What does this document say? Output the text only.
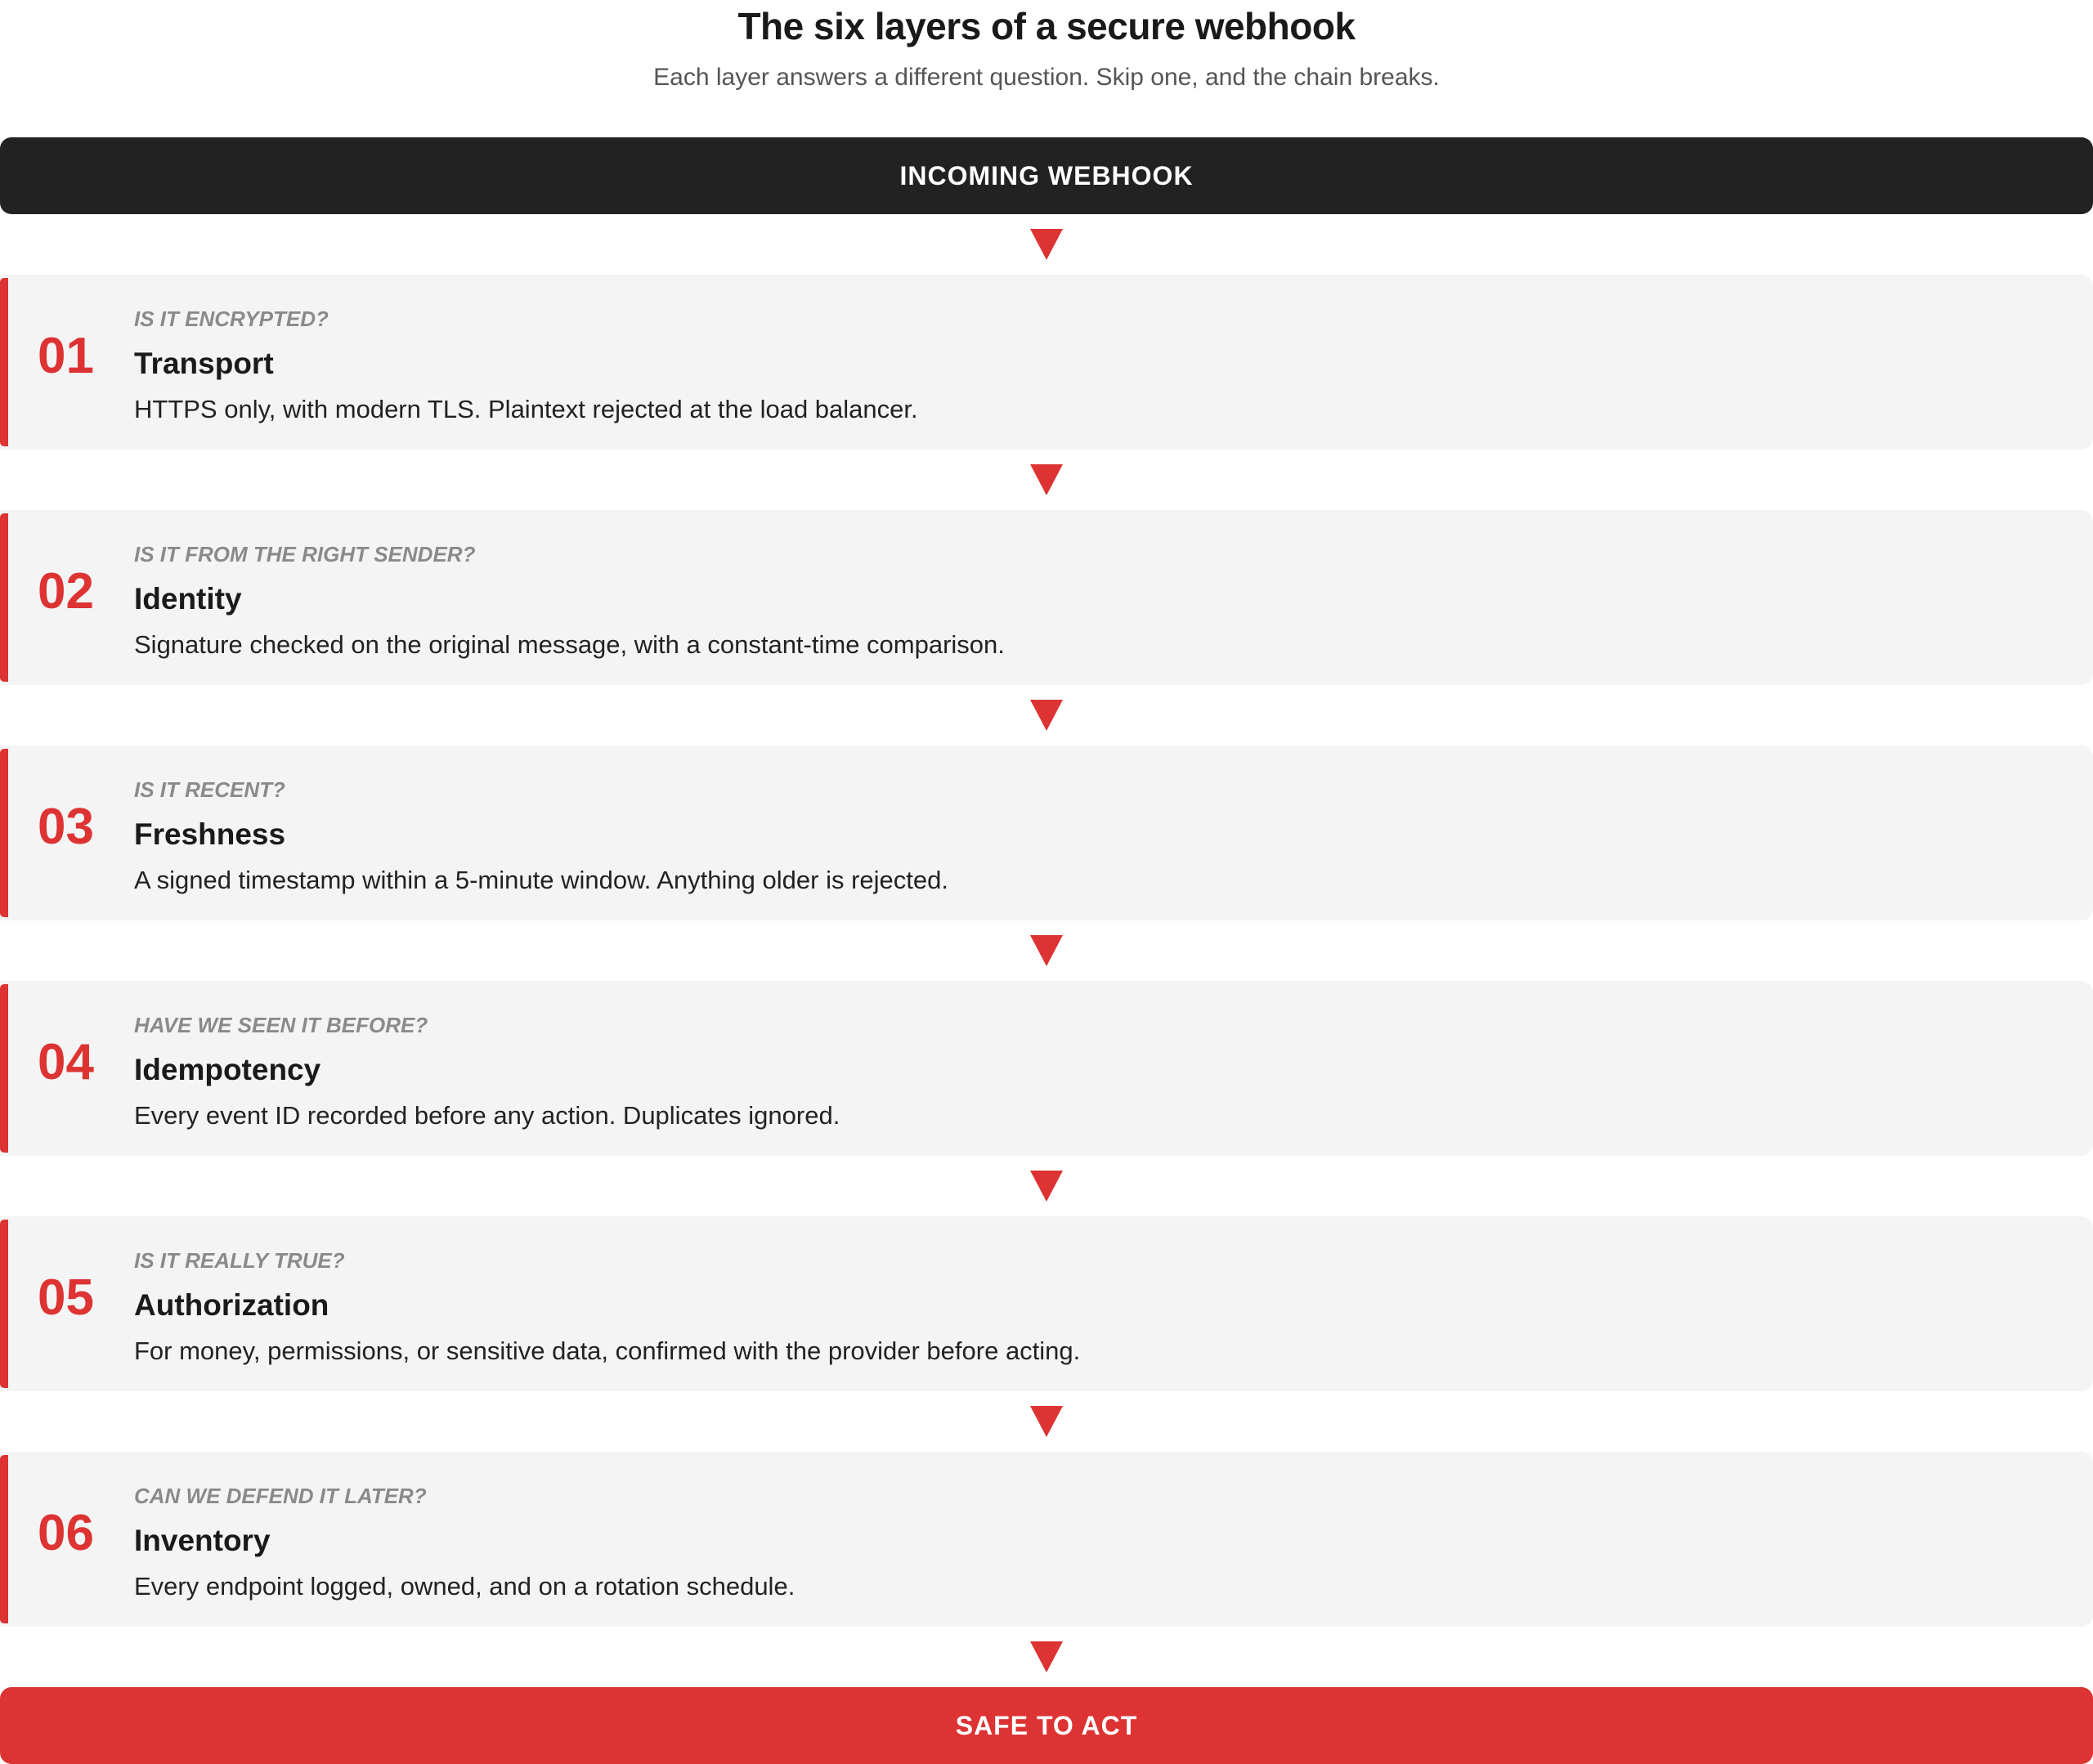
The six layers of a secure webhook
Each layer answers a different question. Skip one, and the chain breaks.
INCOMING WEBHOOK
01
IS IT ENCRYPTED?
Transport
HTTPS only, with modern TLS. Plaintext rejected at the load balancer.
02
IS IT FROM THE RIGHT SENDER?
Identity
Signature checked on the original message, with a constant-time comparison.
03
IS IT RECENT?
Freshness
A signed timestamp within a 5-minute window. Anything older is rejected.
04
HAVE WE SEEN IT BEFORE?
Idempotency
Every event ID recorded before any action. Duplicates ignored.
05
IS IT REALLY TRUE?
Authorization
For money, permissions, or sensitive data, confirmed with the provider before acting.
06
CAN WE DEFEND IT LATER?
Inventory
Every endpoint logged, owned, and on a rotation schedule.
SAFE TO ACT
